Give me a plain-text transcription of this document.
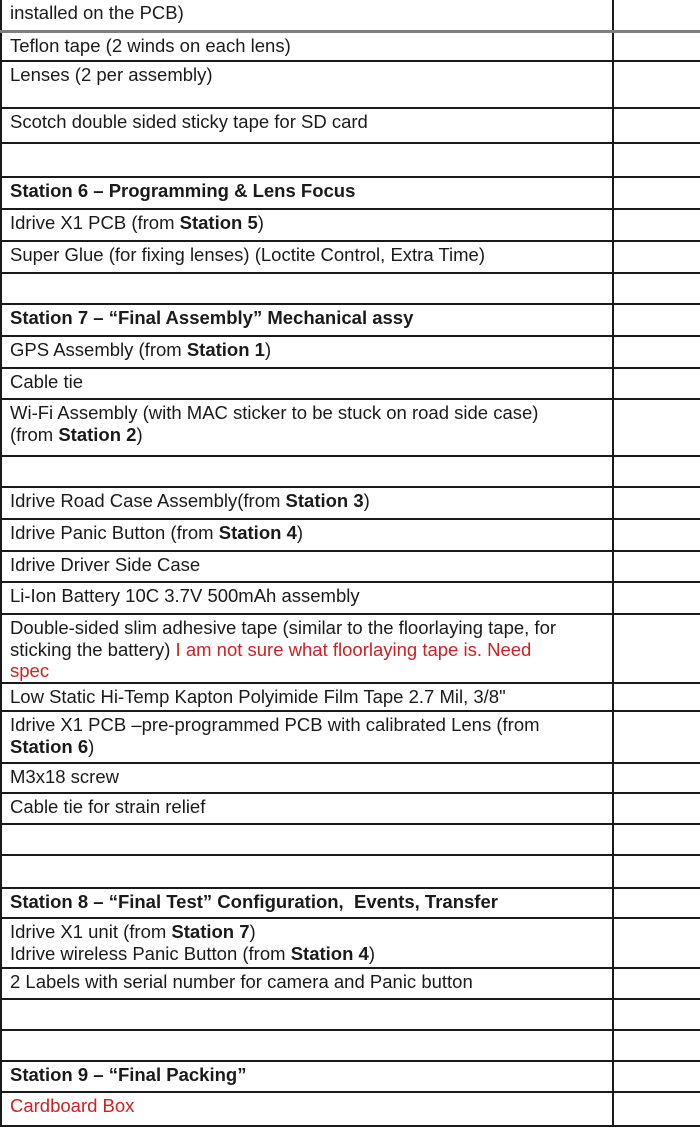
installed on the PCB)	

Teflon tape (2 winds on each lens)	

Lenses (2 per assembly)	

Scotch double sided sticky tape for SD card	

Station 6 – Programming & Lens Focus	

Idrive X1 PCB (from Station 5)	

Super Glue (for fixing lenses) (Loctite Control, Extra Time)	

Station 7 – “Final Assembly” Mechanical assy	

GPS Assembly (from Station 1)	

Cable tie	

Wi-Fi Assembly (with MAC sticker to be stuck on road side case)
(from Station 2)	

Idrive Road Case Assembly(from Station 3)	

Idrive Panic Button (from Station 4)	

Idrive Driver Side Case	

Li-Ion Battery 10C 3.7V 500mAh assembly	

Double-sided slim adhesive tape (similar to the floorlaying tape, for
sticking the battery) I am not sure what floorlaying tape is. Need
spec	

Low Static Hi-Temp Kapton Polyimide Film Tape 2.7 Mil, 3/8"	

Idrive X1 PCB –pre-programmed PCB with calibrated Lens (from
Station 6)	

M3x18 screw	

Cable tie for strain relief	

Station 8 – “Final Test” Configuration,  Events, Transfer	

Idrive X1 unit (from Station 7)
Idrive wireless Panic Button (from Station 4)	

2 Labels with serial number for camera and Panic button	

Station 9 – “Final Packing”	

Cardboard Box	
